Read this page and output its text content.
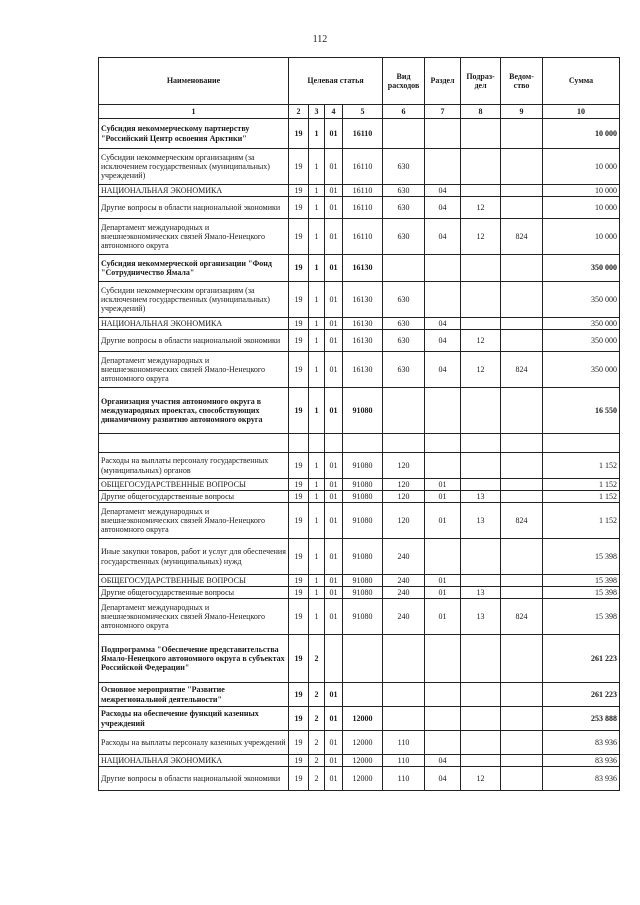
112
Наименование	Целевая статья				Вид расходов	Раздел	Подраз- дел	Ведом- ство	Сумма
1	2	3	4	5	6	7	8	9	10
Субсидия некоммерческому партнерству "Российский Центр освоения Арктики"	19	1	01	16110					10 000
Субсидии некоммерческим организациям (за исключением государственных (муниципальных) учреждений)	19	1	01	16110	630				10 000
НАЦИОНАЛЬНАЯ ЭКОНОМИКА	19	1	01	16110	630	04			10 000
Другие вопросы в области национальной экономики	19	1	01	16110	630	04	12		10 000
Департамент международных и внешнеэкономических связей Ямало-Ненецкого автономного округа	19	1	01	16110	630	04	12	824	10 000
Субсидия некоммерческой организации "Фонд "Сотрудничество Ямала"	19	1	01	16130					350 000
Субсидии некоммерческим организациям (за исключением государственных (муниципальных) учреждений)	19	1	01	16130	630				350 000
НАЦИОНАЛЬНАЯ ЭКОНОМИКА	19	1	01	16130	630	04			350 000
Другие вопросы в области национальной экономики	19	1	01	16130	630	04	12		350 000
Департамент международных и внешнеэкономических связей Ямало-Ненецкого автономного округа	19	1	01	16130	630	04	12	824	350 000
Организация участия автономного округа в международных проектах, способствующих динамичному развитию автономного округа	19	1	01	91080					16 550

Расходы на выплаты персоналу государственных (муниципальных) органов	19	1	01	91080	120				1 152
ОБЩЕГОСУДАРСТВЕННЫЕ ВОПРОСЫ	19	1	01	91080	120	01			1 152
Другие общегосударственные вопросы	19	1	01	91080	120	01	13		1 152
Департамент международных и внешнеэкономических связей Ямало-Ненецкого автономного округа	19	1	01	91080	120	01	13	824	1 152
Иные закупки товаров, работ и услуг для обеспечения государственных (муниципальных) нужд	19	1	01	91080	240				15 398
ОБЩЕГОСУДАРСТВЕННЫЕ ВОПРОСЫ	19	1	01	91080	240	01			15 398
Другие общегосударственные вопросы	19	1	01	91080	240	01	13		15 398
Департамент международных и внешнеэкономических связей Ямало-Ненецкого автономного округа	19	1	01	91080	240	01	13	824	15 398
Подпрограмма "Обеспечение представительства Ямало-Ненецкого автономного округа в субъектах Российской Федерации"	19	2							261 223
Основное мероприятие "Развитие межрегиональной деятельности"	19	2	01						261 223
Расходы на обеспечение функций казенных учреждений	19	2	01	12000					253 888
Расходы на выплаты персоналу казенных учреждений	19	2	01	12000	110				83 936
НАЦИОНАЛЬНАЯ ЭКОНОМИКА	19	2	01	12000	110	04			83 936
Другие вопросы в области национальной экономики	19	2	01	12000	110	04	12		83 936
